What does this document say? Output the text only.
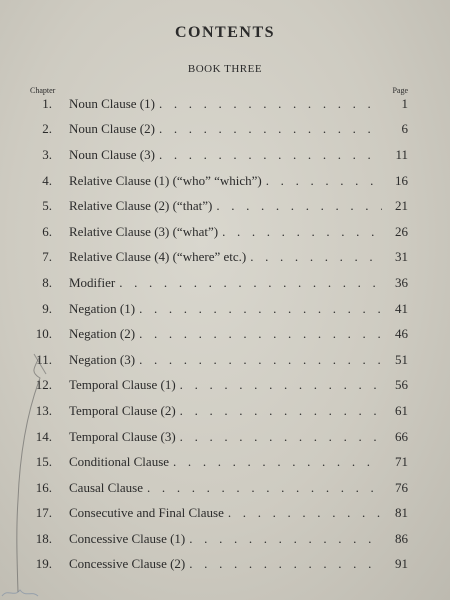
CONTENTS
BOOK THREE
Chapter	Page
1. Noun Clause (1) . . .	1
2. Noun Clause (2) . . .	6
3. Noun Clause (3) . . .	11
4. Relative Clause (1) (“who” “which”) . . .	16
5. Relative Clause (2) (“that”) . . .	21
6. Relative Clause (3) (“what”) . . .	26
7. Relative Clause (4) (“where” etc.) . . .	31
8. Modifier . . .	36
9. Negation (1) . . .	41
10. Negation (2) . . .	46
11. Negation (3) . . .	51
12. Temporal Clause (1) . . .	56
13. Temporal Clause (2) . . .	61
14. Temporal Clause (3) . . .	66
15. Conditional Clause . . .	71
16. Causal Clause . . .	76
17. Consecutive and Final Clause . . .	81
18. Concessive Clause (1) . . .	86
19. Concessive Clause (2) . . .	91
